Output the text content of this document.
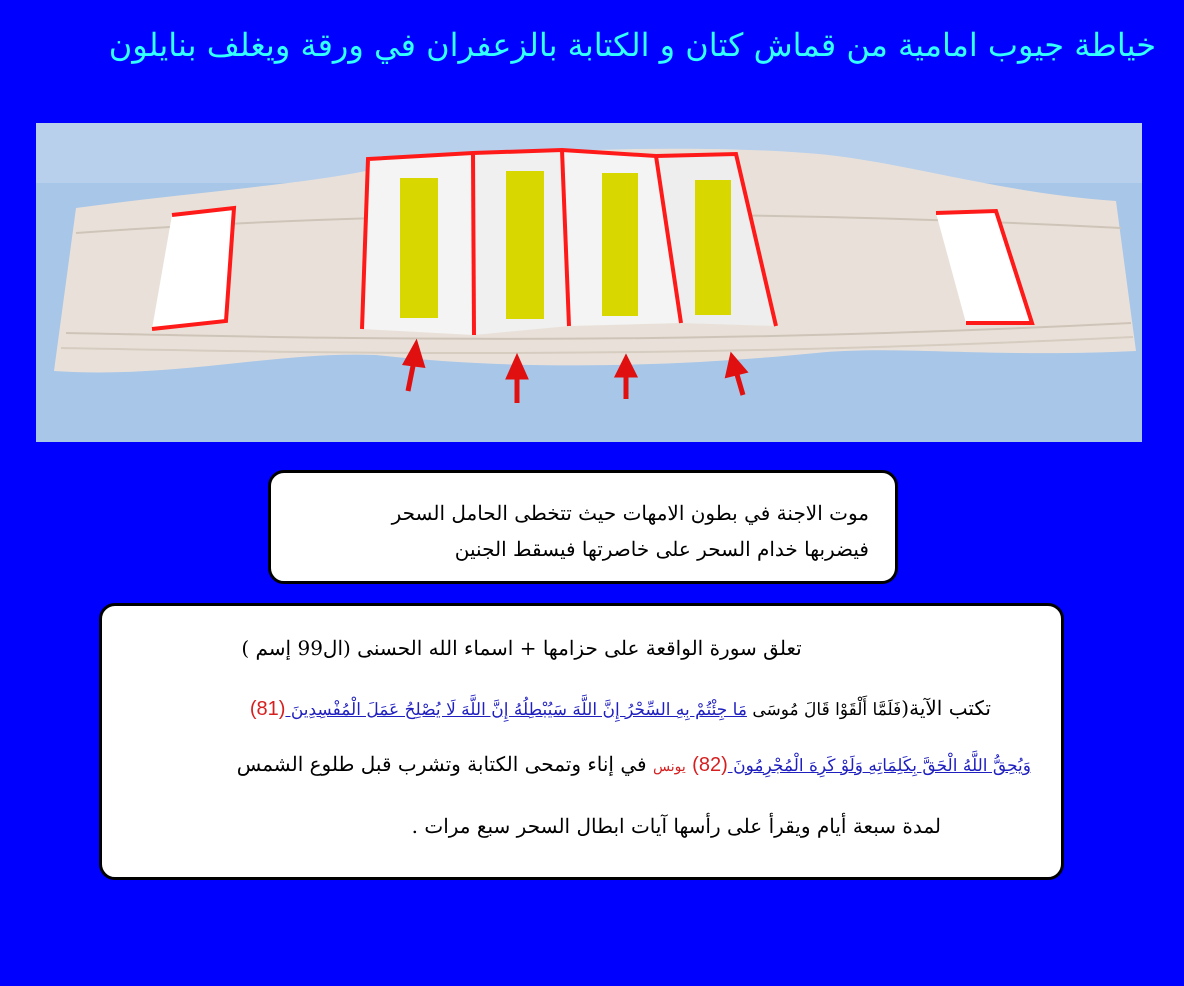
خياطة جيوب امامية من قماش كتان و الكتابة بالزعفران في ورقة ويغلف بنايلون
موت الاجنة في بطون الامهات حيث تتخطى الحامل السحر
فيضربها خدام السحر على خاصرتها فيسقط الجنين
تعلق سورة الواقعة على حزامها + اسماء الله الحسنى (ال99 إسم )
تكتب الآية(فَلَمَّا أَلْقَوْا قَالَ مُوسَى مَا جِئْتُمْ بِهِ السِّحْرُ إِنَّ اللَّهَ سَيُبْطِلُهُ إِنَّ اللَّهَ لَا يُصْلِحُ عَمَلَ الْمُفْسِدِينَ (81)
وَيُحِقُّ اللَّهُ الْحَقَّ بِكَلِمَاتِهِ وَلَوْ كَرِهَ الْمُجْرِمُونَ (82) يونس في إناء وتمحى الكتابة وتشرب قبل طلوع الشمس
لمدة سبعة أيام ويقرأ على رأسها آيات ابطال السحر سبع مرات .
